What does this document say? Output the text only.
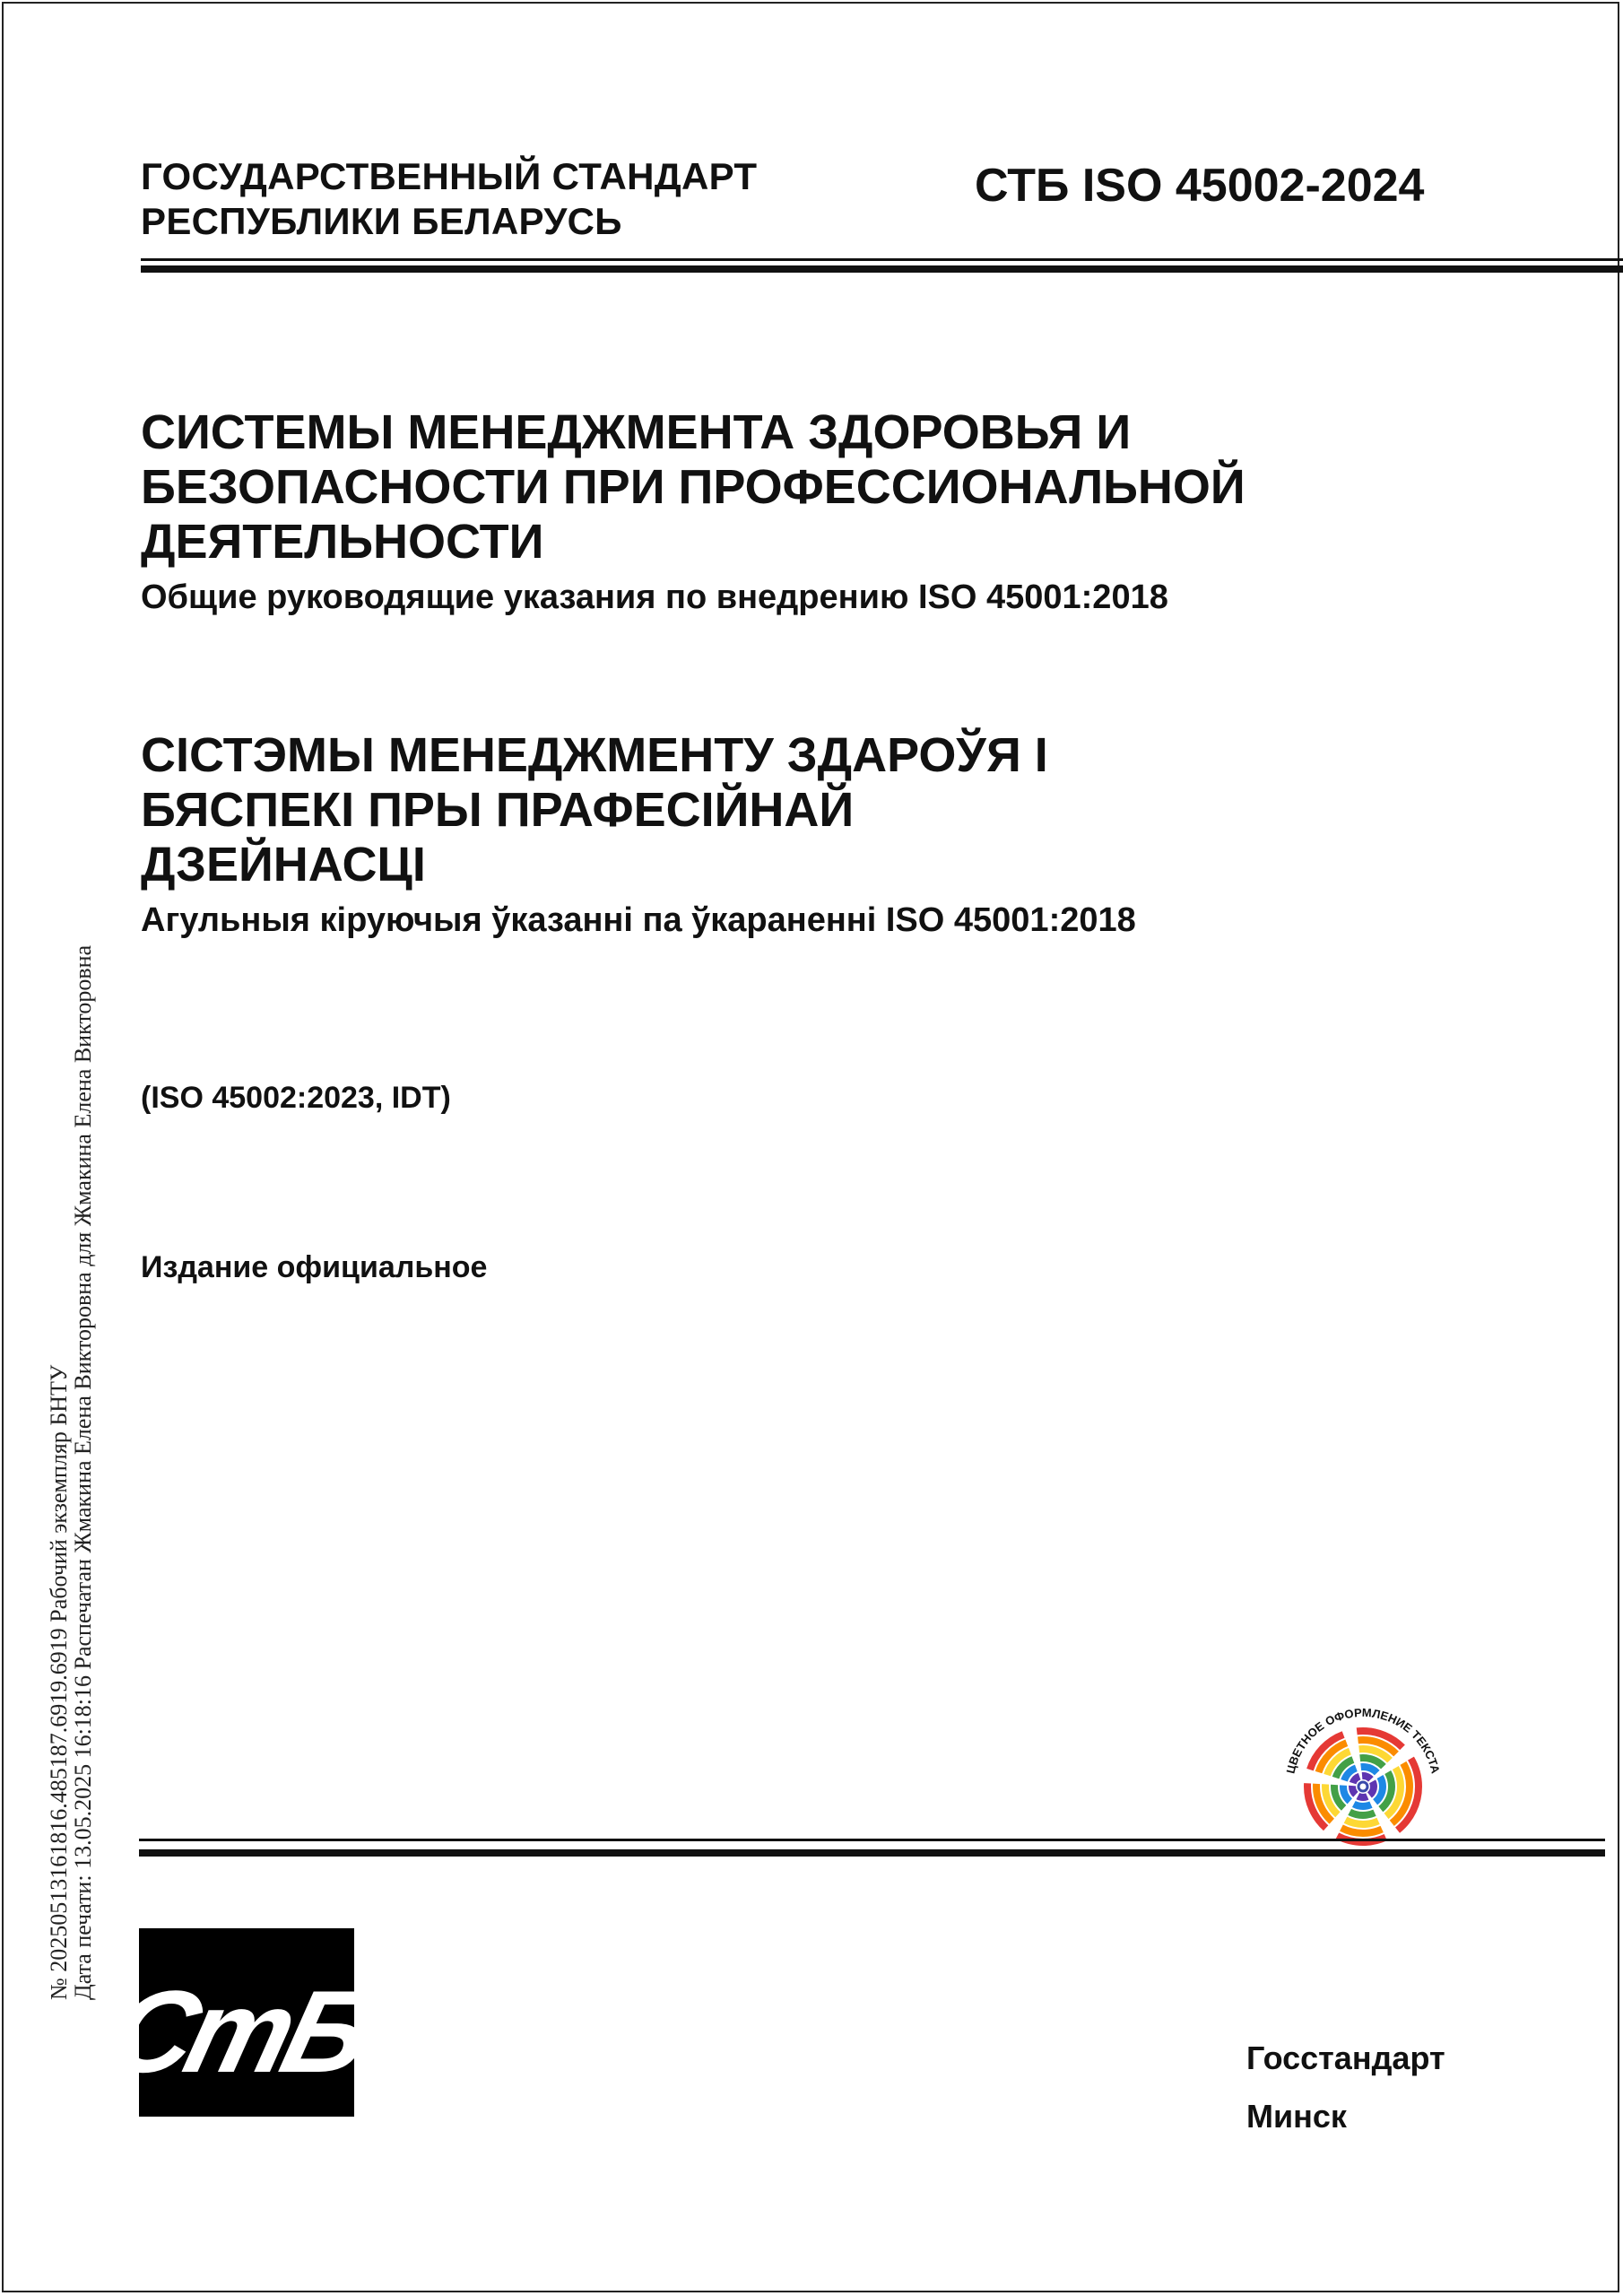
ГОСУДАРСТВЕННЫЙ СТАНДАРТ
РЕСПУБЛИКИ БЕЛАРУСЬ
СТБ ISO 45002-2024
СИСТЕМЫ МЕНЕДЖМЕНТА ЗДОРОВЬЯ И
БЕЗОПАСНОСТИ ПРИ ПРОФЕССИОНАЛЬНОЙ
ДЕЯТЕЛЬНОСТИ
Общие руководящие указания по внедрению ISO 45001:2018
СІСТЭМЫ МЕНЕДЖМЕНТУ ЗДАРОЎЯ І
БЯСПЕКІ ПРЫ ПРАФЕСІЙНАЙ
ДЗЕЙНАСЦІ
Агульныя кіруючыя ўказанні па ўкараненні ISO 45001:2018
(ISO 45002:2023, IDT)
Издание официальное
№ 20250513161816.485187.6919.6919 Рабочий экземпляр БНТУ
Дата печати: 13.05.2025 16:18:16 Распечатан Жмакина Елена Викторовна для Жмакина Елена Викторовна	ЦВЕТНОЕ ОФОРМЛЕНИЕ ТЕКСТА
СтБ	Госстандарт
Минск
